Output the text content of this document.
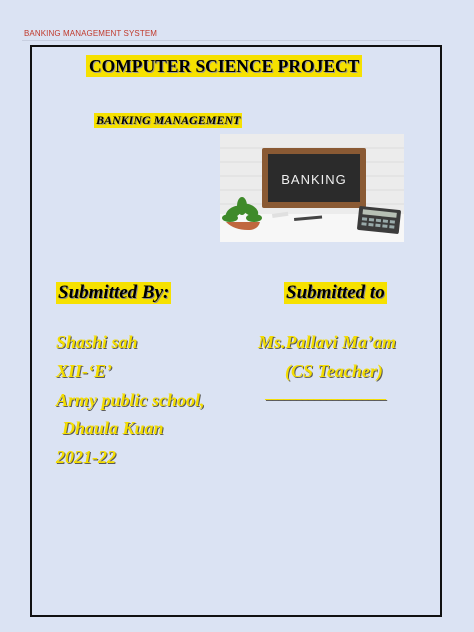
BANKING MANAGEMENT SYSTEM
COMPUTER SCIENCE PROJECT
BANKING MANAGEMENT
BANKING
Submitted By:	Submitted to
Shashi sah
XII-‘E’
Army public school,
Dhaula Kuan
2021-22
Ms.Pallavi Ma’am
(CS Teacher)
____________________
